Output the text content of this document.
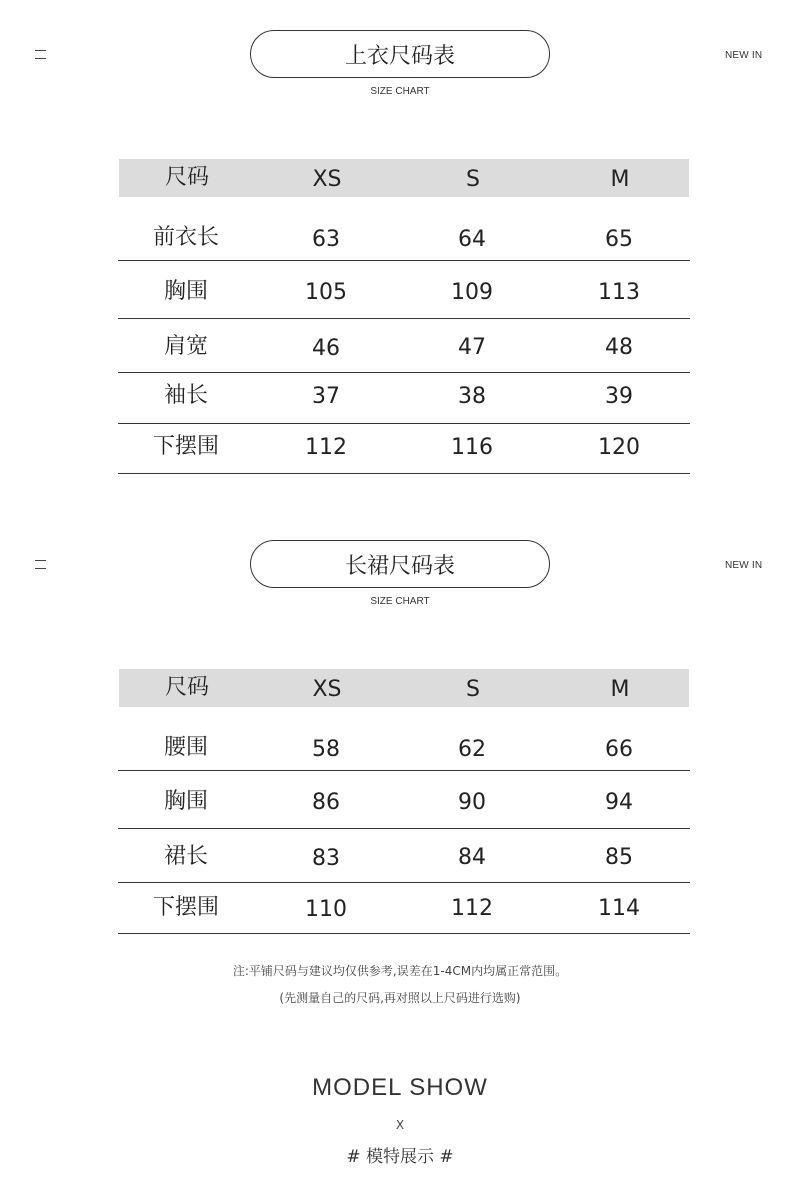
上衣尺码表	NEW IN
SIZE CHART
尺码	XS	S	M
前衣长	63	64	65
胸围	105	109	113
肩宽	46	47	48
袖长	37	38	39
下摆围	112	116	120
长裙尺码表	NEW IN
SIZE CHART
尺码	XS	S	M
腰围	58	62	66
胸围	86	90	94
裙长	83	84	85
下摆围	110	112	114
注:平铺尺码与建议均仅供参考,误差在1-4CM内均属正常范围。
(先测量自己的尺码,再对照以上尺码进行选购)
MODEL SHOW
X
# 模特展示 #
